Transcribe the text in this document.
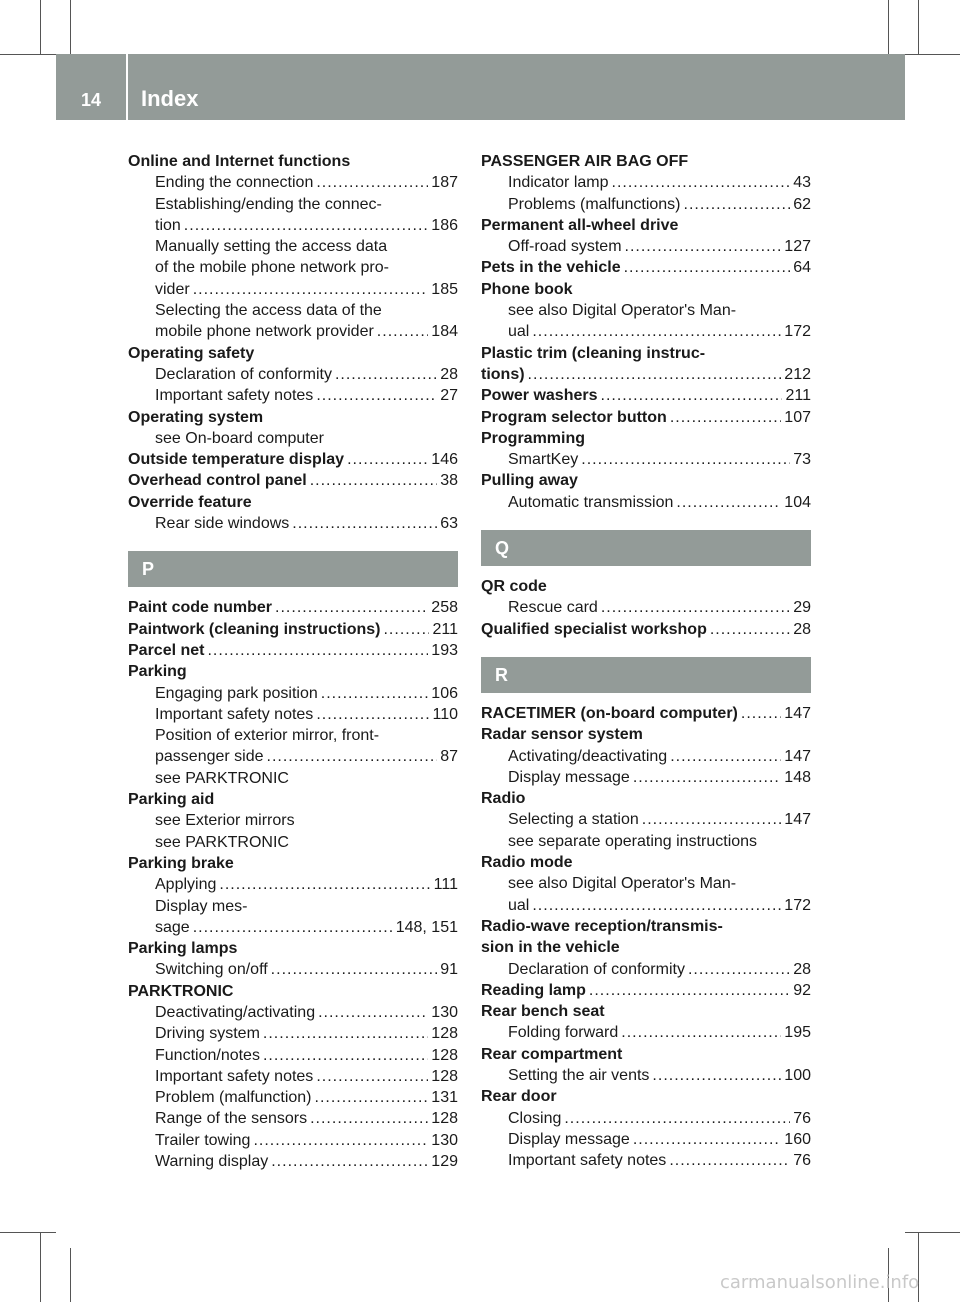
14	Index
Online and Internet functions
Ending the connection .....	187
Establishing/ending the connec-
tion .....	186
Manually setting the access data
of the mobile phone network pro-
vider .....	185
Selecting the access data of the
mobile phone network provider .....	184
Operating safety
Declaration of conformity .....	28
Important safety notes .....	27
Operating system
see On-board computer
Outside temperature display .....	146
Overhead control panel .....	38
Override feature
Rear side windows .....	63
P
Paint code number .....	258
Paintwork (cleaning instructions) .....	211
Parcel net .....	193
Parking
Engaging park position .....	106
Important safety notes .....	110
Position of exterior mirror, front-
passenger side .....	87
see PARKTRONIC
Parking aid
see Exterior mirrors
see PARKTRONIC
Parking brake
Applying .....	111
Display mes-
sage .....	148, 151
Parking lamps
Switching on/off .....	91
PARKTRONIC
Deactivating/activating .....	130
Driving system .....	128
Function/notes .....	128
Important safety notes .....	128
Problem (malfunction) .....	131
Range of the sensors .....	128
Trailer towing .....	130
Warning display .....	129
PASSENGER AIR BAG OFF
Indicator lamp .....	43
Problems (malfunctions) .....	62
Permanent all-wheel drive
Off-road system .....	127
Pets in the vehicle .....	64
Phone book
see also Digital Operator's Man-
ual .....	172
Plastic trim (cleaning instruc-
tions) .....	212
Power washers .....	211
Program selector button .....	107
Programming
SmartKey .....	73
Pulling away
Automatic transmission .....	104
Q
QR code
Rescue card .....	29
Qualified specialist workshop .....	28
R
RACETIMER (on-board computer) .....	147
Radar sensor system
Activating/deactivating .....	147
Display message .....	148
Radio
Selecting a station .....	147
see separate operating instructions
Radio mode
see also Digital Operator's Man-
ual .....	172
Radio-wave reception/transmis-
sion in the vehicle
Declaration of conformity .....	28
Reading lamp .....	92
Rear bench seat
Folding forward .....	195
Rear compartment
Setting the air vents .....	100
Rear door
Closing .....	76
Display message .....	160
Important safety notes .....	76
carmanualsonline.info
